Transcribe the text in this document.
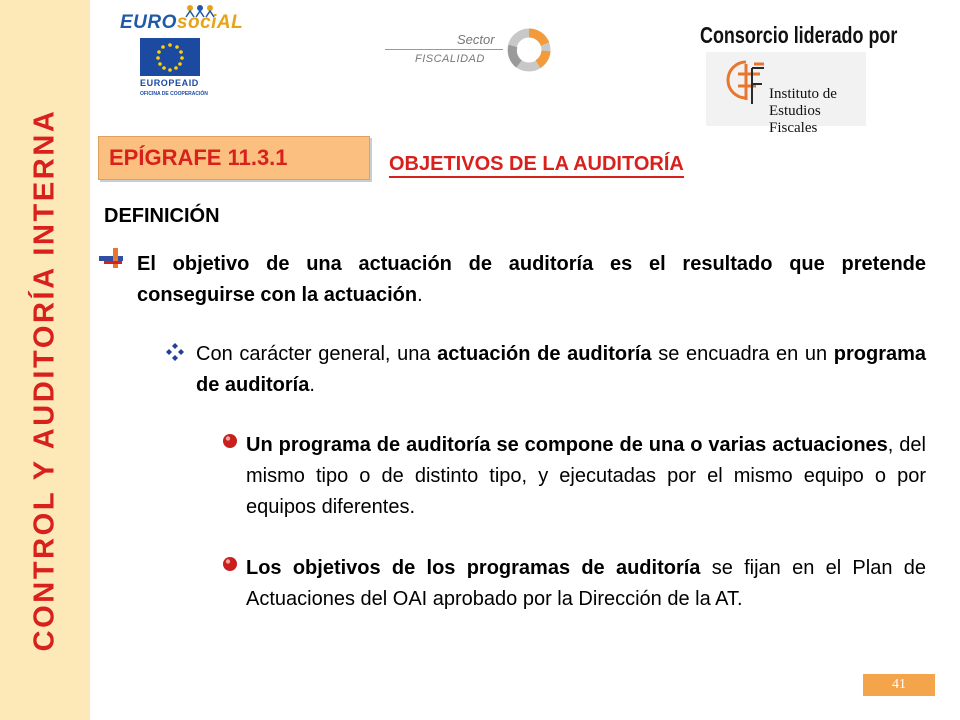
CONTROL Y AUDITORÍA INTERNA
EUROsociAL
EUROPEAID
OFICINA DE COOPERACIÓN
Sector
FISCALIDAD
Consorcio liderado por
Instituto de
Estudios Fiscales
EPÍGRAFE 11.3.1	OBJETIVOS DE LA AUDITORÍA
DEFINICIÓN
El objetivo de una actuación de auditoría es el resultado que pretende conseguirse con la actuación.
Con carácter general, una actuación de auditoría se encuadra en un programa de auditoría.
Un programa de auditoría se compone de una o varias actuaciones, del mismo tipo o de distinto tipo, y ejecutadas por el mismo equipo o por equipos diferentes.
Los objetivos de los programas de auditoría se fijan en el Plan de Actuaciones del OAI aprobado por la Dirección de la AT.
41
